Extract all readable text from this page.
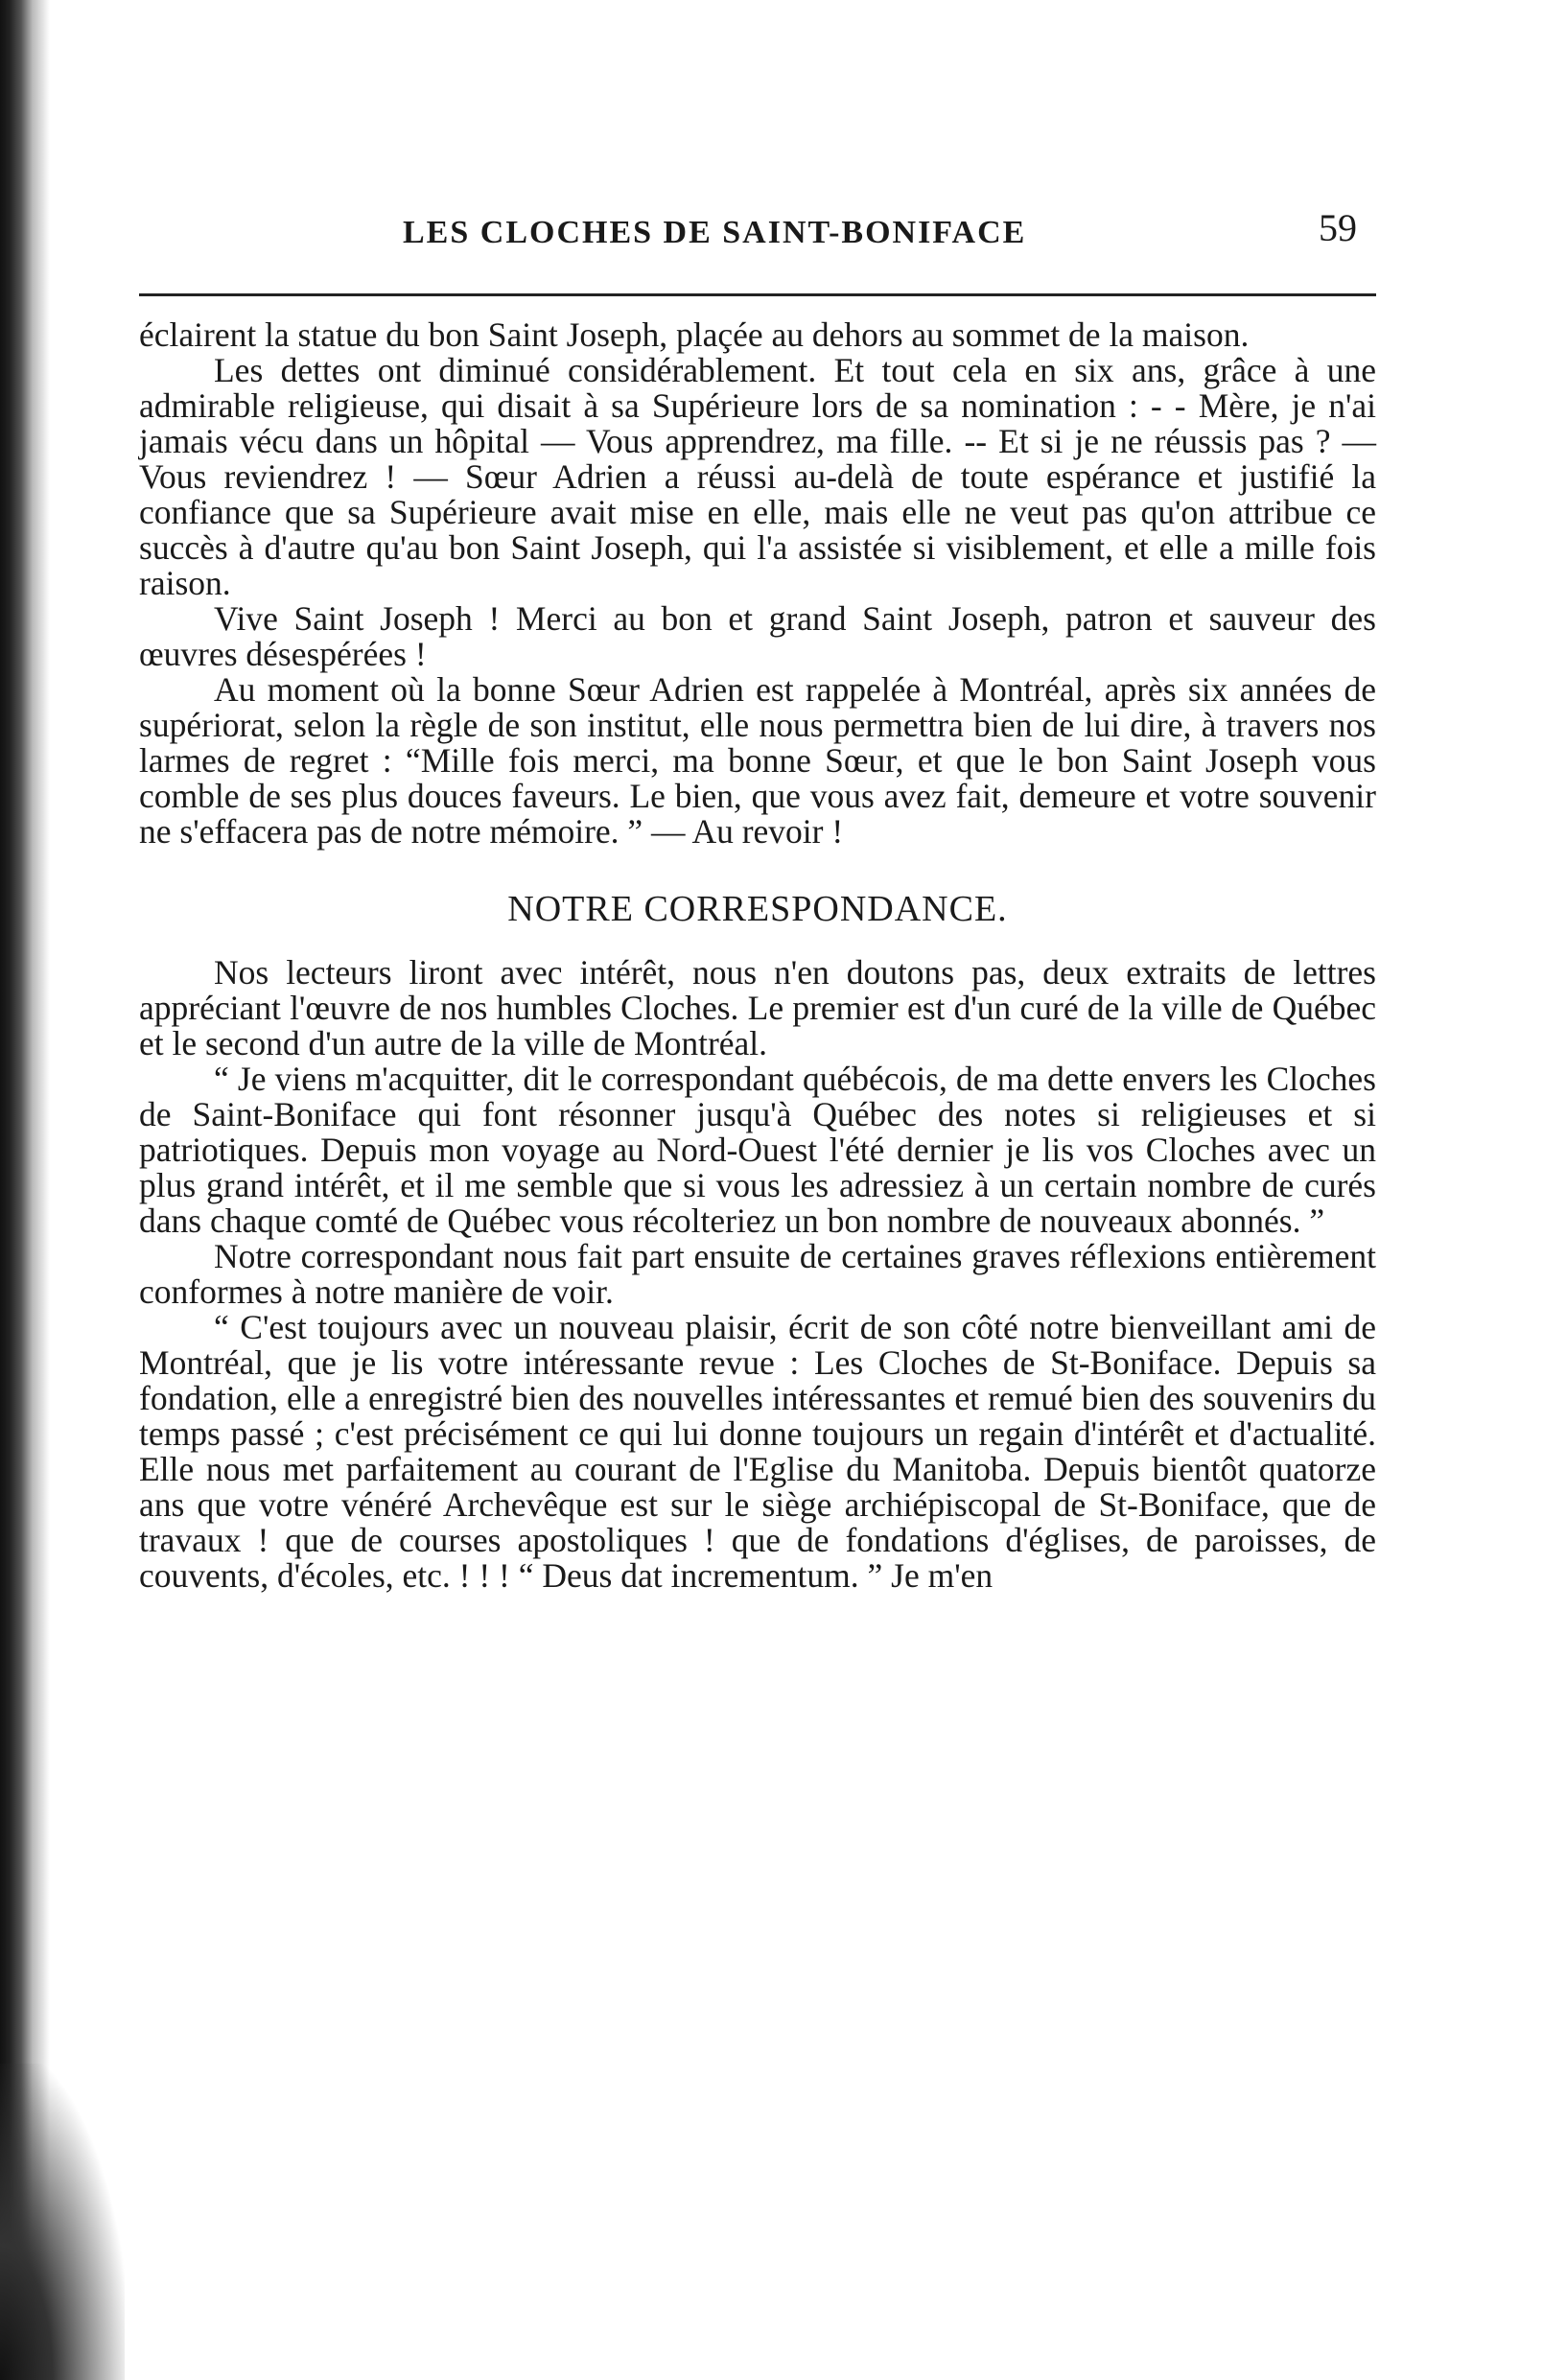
LES CLOCHES DE SAINT-BONIFACE	59

éclairent la statue du bon Saint Joseph, plaçée au dehors au sommet de la maison.

Les dettes ont diminué considérablement. Et tout cela en six ans, grâce à une admirable religieuse, qui disait à sa Supérieure lors de sa nomination : - - Mère, je n'ai jamais vécu dans un hôpital — Vous apprendrez, ma fille. -- Et si je ne réussis pas ? — Vous reviendrez ! — Sœur Adrien a réussi au-delà de toute espérance et justifié la confiance que sa Supérieure avait mise en elle, mais elle ne veut pas qu'on attribue ce succès à d'autre qu'au bon Saint Joseph, qui l'a assistée si visiblement, et elle a mille fois raison.

Vive Saint Joseph ! Merci au bon et grand Saint Joseph, patron et sauveur des œuvres désespérées !

Au moment où la bonne Sœur Adrien est rappelée à Montréal, après six années de supériorat, selon la règle de son institut, elle nous permettra bien de lui dire, à travers nos larmes de regret : “Mille fois merci, ma bonne Sœur, et que le bon Saint Joseph vous comble de ses plus douces faveurs. Le bien, que vous avez fait, demeure et votre souvenir ne s'effacera pas de notre mémoire. ” — Au revoir !

NOTRE CORRESPONDANCE.

Nos lecteurs liront avec intérêt, nous n'en doutons pas, deux extraits de lettres appréciant l'œuvre de nos humbles Cloches. Le premier est d'un curé de la ville de Québec et le second d'un autre de la ville de Montréal.

“ Je viens m'acquitter, dit le correspondant québécois, de ma dette envers les Cloches de Saint-Boniface qui font résonner jusqu'à Québec des notes si religieuses et si patriotiques. Depuis mon voyage au Nord-Ouest l'été dernier je lis vos Cloches avec un plus grand intérêt, et il me semble que si vous les adressiez à un certain nombre de curés dans chaque comté de Québec vous récolteriez un bon nombre de nouveaux abonnés. ”

Notre correspondant nous fait part ensuite de certaines graves réflexions entièrement conformes à notre manière de voir.

“ C'est toujours avec un nouveau plaisir, écrit de son côté notre bienveillant ami de Montréal, que je lis votre intéressante revue : Les Cloches de St-Boniface. Depuis sa fondation, elle a enregistré bien des nouvelles intéressantes et remué bien des souvenirs du temps passé ; c'est précisément ce qui lui donne toujours un regain d'intérêt et d'actualité. Elle nous met parfaitement au courant de l'Eglise du Manitoba. Depuis bientôt quatorze ans que votre vénéré Archevêque est sur le siège archiépiscopal de St-Boniface, que de travaux ! que de courses apostoliques ! que de fondations d'églises, de paroisses, de couvents, d'écoles, etc. ! ! ! “ Deus dat incrementum. ” Je m'en
